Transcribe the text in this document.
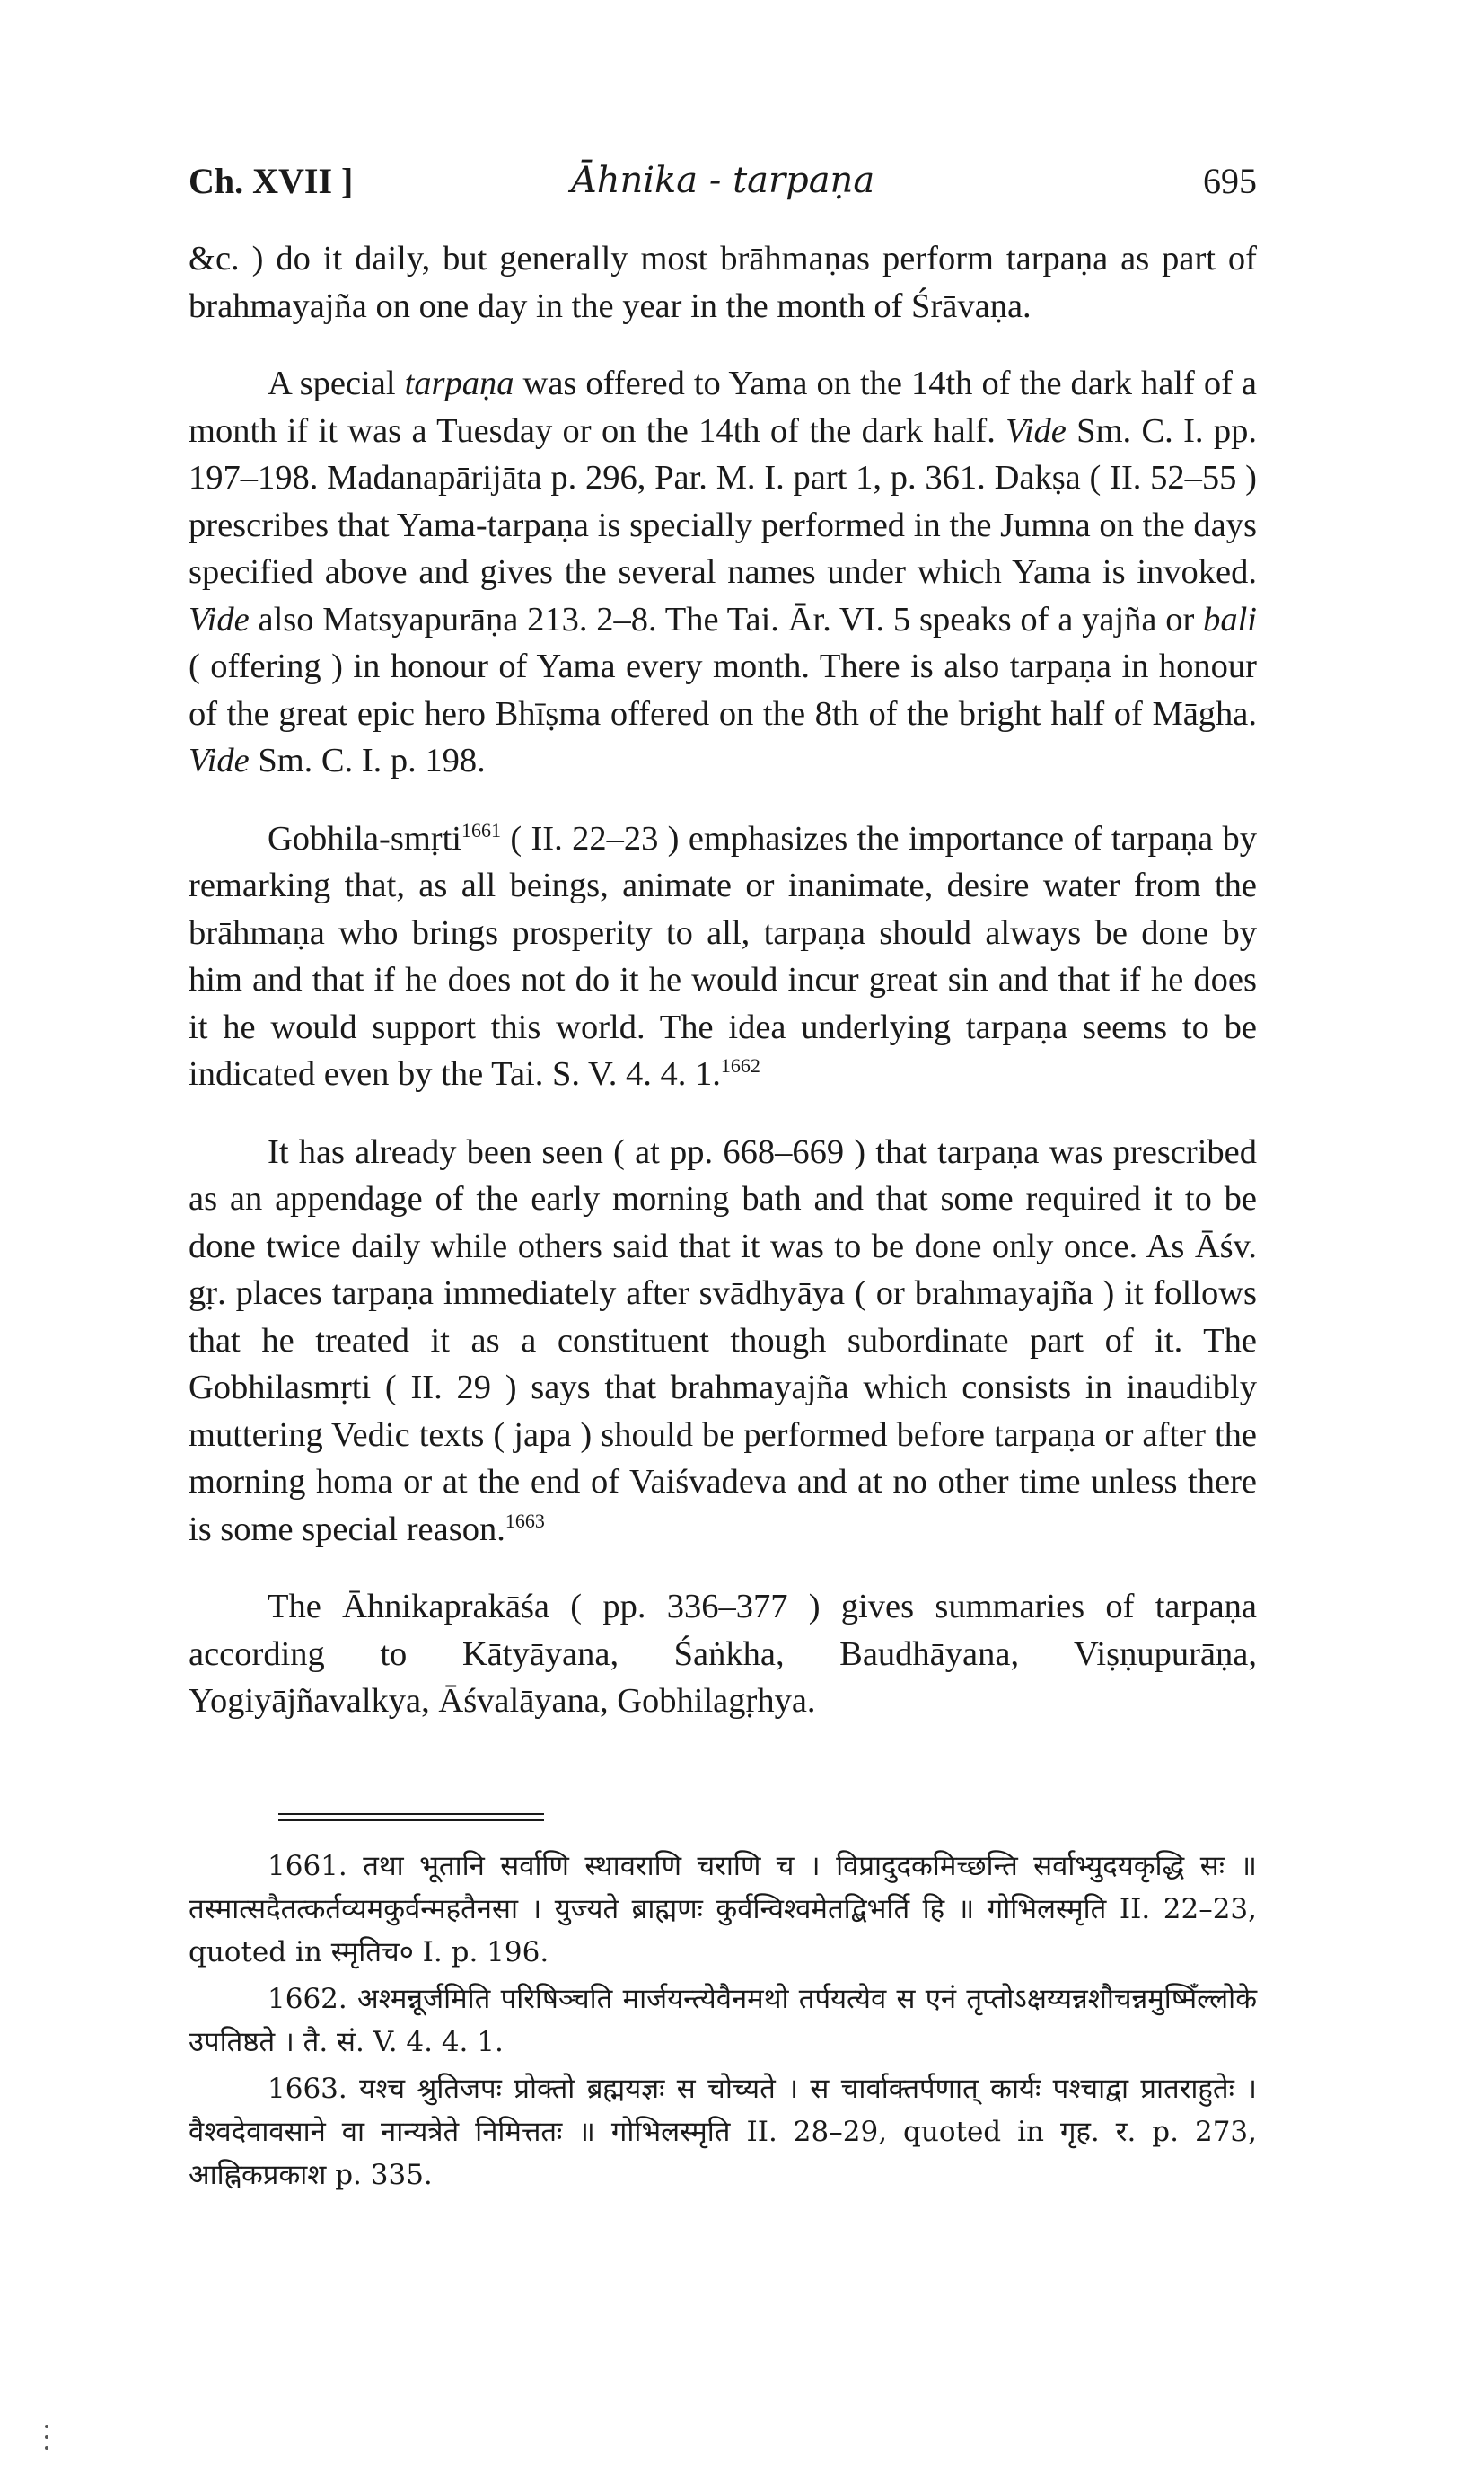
Ch. XVII ]	Āhnika - tarpaṇa	695

&c. ) do it daily, but generally most brāhmaṇas perform tarpaṇa as part of brahmayajña on one day in the year in the month of Śrāvaṇa.

A special tarpaṇa was offered to Yama on the 14th of the dark half of a month if it was a Tuesday or on the 14th of the dark half. Vide Sm. C. I. pp. 197–198. Madanapārijāta p. 296, Par. M. I. part 1, p. 361. Dakṣa ( II. 52–55 ) prescribes that Yama-tarpaṇa is specially performed in the Jumna on the days specified above and gives the several names under which Yama is invoked. Vide also Matsyapurāṇa 213. 2–8. The Tai. Ār. VI. 5 speaks of a yajña or bali ( offering ) in honour of Yama every month. There is also tarpaṇa in honour of the great epic hero Bhīṣma offered on the 8th of the bright half of Māgha. Vide Sm. C. I. p. 198.

Gobhila-smṛti$^{1661}$ ( II. 22–23 ) emphasizes the importance of tarpaṇa by remarking that, as all beings, animate or inanimate, desire water from the brāhmaṇa who brings prosperity to all, tarpaṇa should always be done by him and that if he does not do it he would incur great sin and that if he does it he would support this world. The idea underlying tarpaṇa seems to be indicated even by the Tai. S. V. 4. 4. 1.$^{1662}$

It has already been seen ( at pp. 668–669 ) that tarpaṇa was prescribed as an appendage of the early morning bath and that some required it to be done twice daily while others said that it was to be done only once. As Āśv. gṛ. places tarpaṇa immediately after svādhyāya ( or brahmayajña ) it follows that he treated it as a constituent though subordinate part of it. The Gobhilasmṛti ( II. 29 ) says that brahmayajña which consists in inaudibly muttering Vedic texts ( japa ) should be performed before tarpaṇa or after the morning homa or at the end of Vaiśvadeva and at no other time unless there is some special reason.$^{1663}$

The Āhnikaprakāśa ( pp. 336–377 ) gives summaries of tarpaṇa according to Kātyāyana, Śaṅkha, Baudhāyana, Viṣṇupurāṇa, Yogiyājñavalkya, Āśvalāyana, Gobhilagṛhya.

1661. तथा भूतानि सर्वाणि स्थावराणि चराणि च । विप्रादुदकमिच्छन्ति सर्वाभ्युदयकृद्धि सः ॥ तस्मात्सदैतत्कर्तव्यमकुर्वन्महतैनसा । युज्यते ब्राह्मणः कुर्वन्विश्वमेतद्बिभर्ति हि ॥ गोभिलस्मृति II. 22–23, quoted in स्मृतिच० I. p. 196.

1662. अश्मन्नूर्जमिति परिषिञ्चति मार्जयन्त्येवैनमथो तर्पयत्येव स एनं तृप्तोऽक्षय्यन्नशौचन्नमुष्मिँल्लोके उपतिष्ठते । तै. सं. V. 4. 4. 1.

1663. यश्च श्रुतिजपः प्रोक्तो ब्रह्मयज्ञः स चोच्यते । स चार्वाक्तर्पणात् कार्यः पश्चाद्वा प्रातराहुतेः । वैश्वदेवावसाने वा नान्यत्रेते निमित्ततः ॥ गोभिलस्मृति II. 28–29, quoted in गृह. र. p. 273, आह्निकप्रकाश p. 335.
